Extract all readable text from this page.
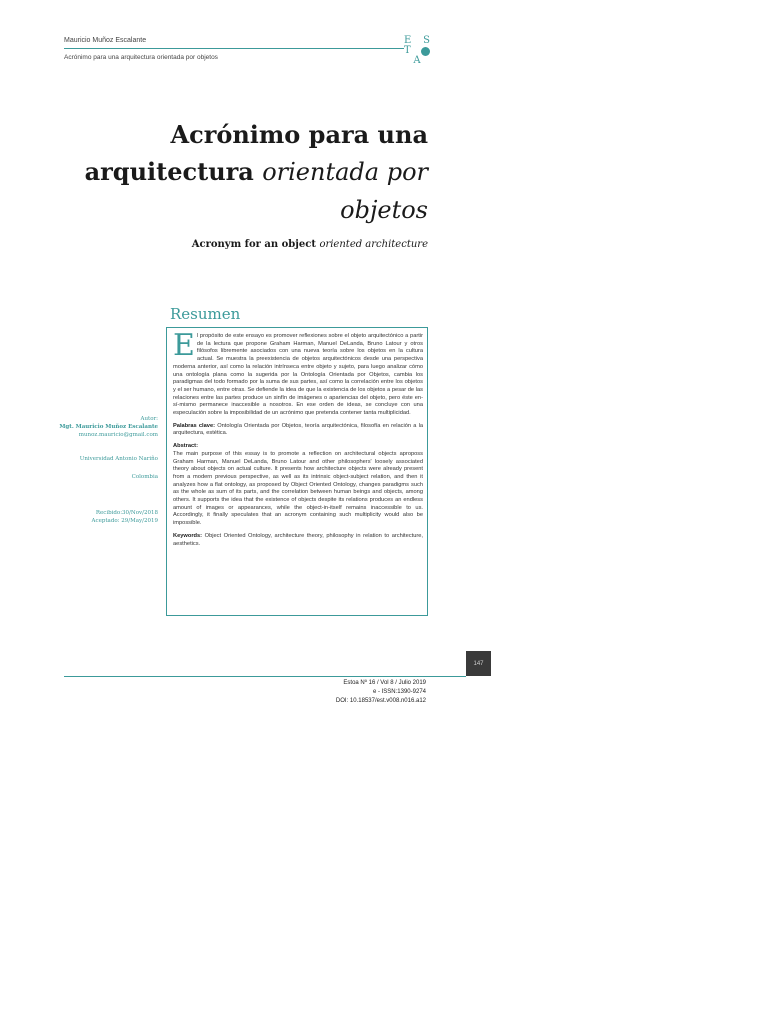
Mauricio Muñoz Escalante
Acrónimo para una arquitectura orientada por objetos
E S
T
A
Acrónimo para una
arquitectura orientada por
objetos
Acronym for an object oriented architecture
Resumen

El propósito de este ensayo es promover reflexiones sobre el objeto arquitectónico a partir de la lectura que propone Graham Harman, Manuel DeLanda, Bruno Latour y otros filósofos libremente asociados con una nueva teoría sobre los objetos en la cultura actual. Se muestra la preexistencia de objetos arquitectónicos desde una perspectiva moderna anterior, así como la relación intrínseca entre objeto y sujeto, para luego analizar cómo una ontología plana como la sugerida por la Ontología Orientada por Objetos, cambia los paradigmas del todo formado por la suma de sus partes, así como la correlación entre los objetos y el ser humano, entre otras. Se defiende la idea de que la existencia de los objetos a pesar de las relaciones entre las partes produce un sinfín de imágenes o apariencias del objeto, pero éste en-sí-mismo permanece inaccesible a nosotros. En ese orden de ideas, se concluye con una especulación sobre la imposibilidad de un acrónimo que pretenda contener tanta multiplicidad.

Palabras clave: Ontología Orientada por Objetos, teoría arquitectónica, filosofía en relación a la arquitectura, estética.

Abstract:
The main purpose of this essay is to promote a reflection on architectural objects aproposs Graham Harman, Manuel DeLanda, Bruno Latour and other philosophers' loosely associated theory about objects on actual culture. It presents how architecture objects were already present from a modern previous perspective, as well as its intrinsic object-subject relation, and then it analyzes how a flat ontology, as proposed by Object Oriented Ontology, changes paradigms such as the whole as sum of its parts, and the correlation between human beings and objects, among others. It supports the idea that the existence of objects despite its relations produces an endless amount of images or appearances, while the object-in-itself remains inaccessible to us. Accordingly, it finally speculates that an acronym containing such multiplicity would also be impossible.

Keywords: Object Oriented Ontology, architecture theory, philosophy in relation to architecture, aesthetics.

Autor:
Mgt. Mauricio Muñoz Escalante
munoz.mauricio@gmail.com
Universidad Antonio Nariño
Colombia
Recibido:30/Nov/2018
Aceptado: 29/May/2019
147
Estoa Nº 16 / Vol 8 / Julio 2019
e - ISSN:1390-9274
DOI: 10.18537/est.v008.n016.a12
